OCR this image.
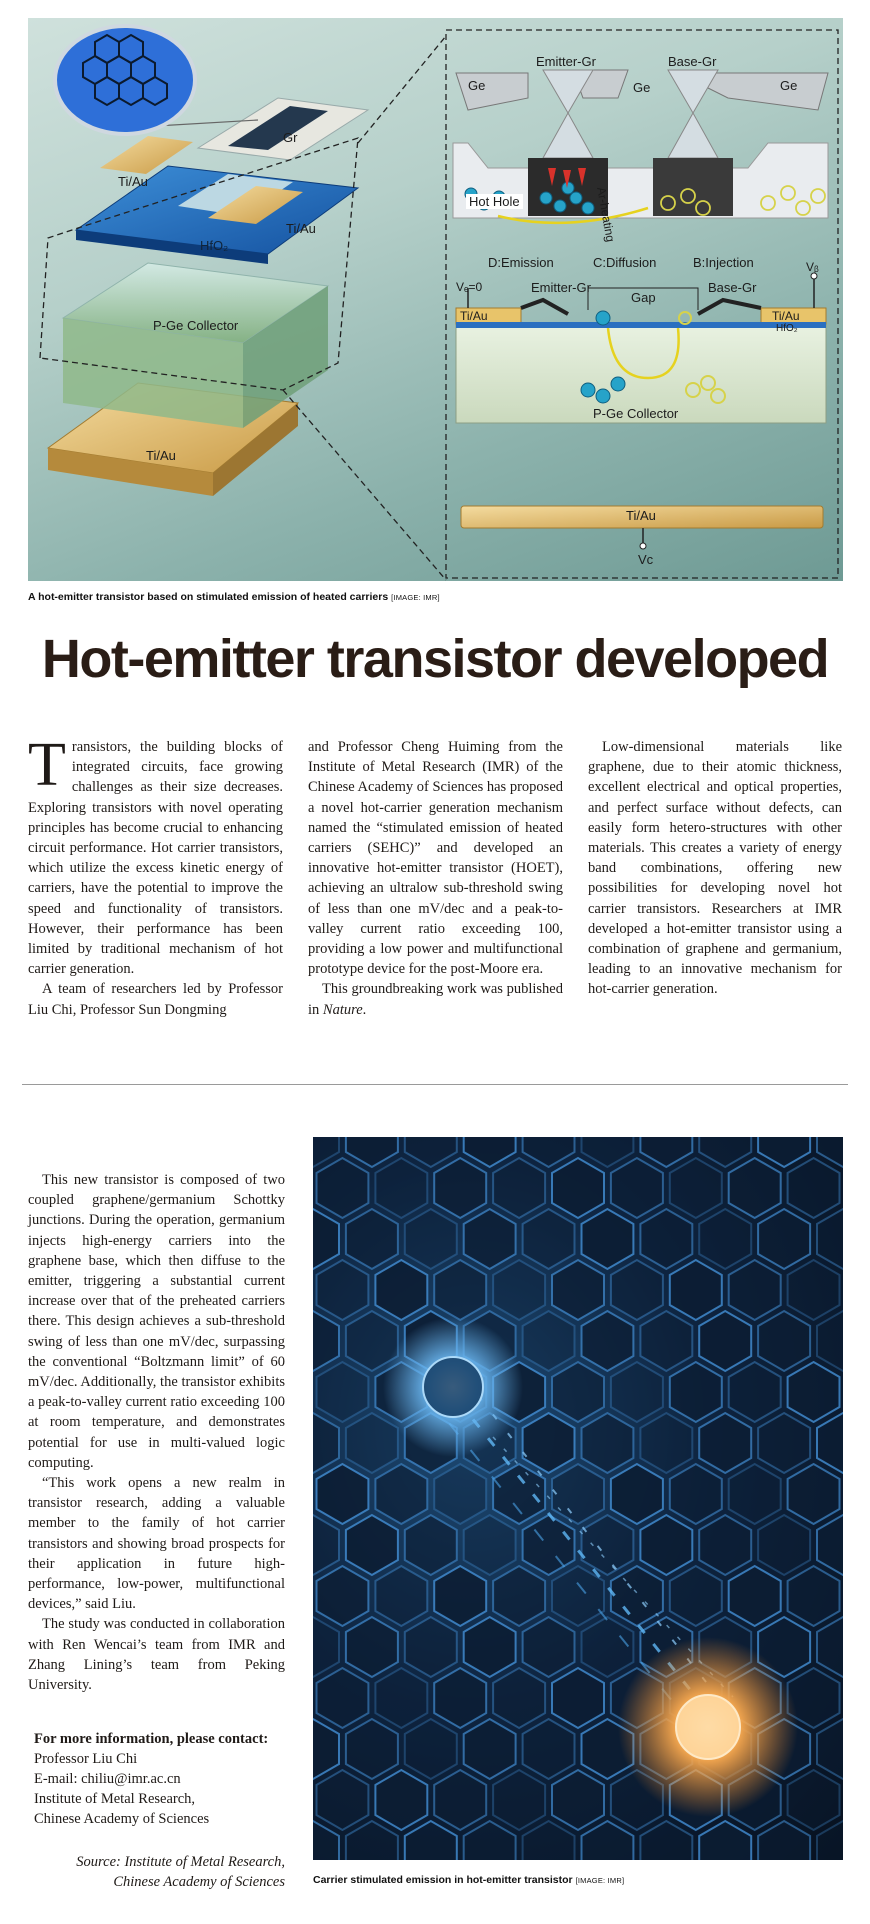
Gr
Ti/Au
Ti/Au
HfO₂
P-Ge Collector
Ti/Au
Emitter-Gr	Base-Gr
Ge	Ge	Ge
Ar-heating
Hot Hole
D:Emission	C:Diffusion	B:Injection
Vₑ=0
Vᵦ
Emitter-Gr
Gap
Base-Gr
Ti/Au	Ti/Au
HfO₂
P-Ge Collector
Ti/Au
Vc
A hot-emitter transistor based on stimulated emission of heated carriers [IMAGE: IMR]
Hot-emitter transistor developed

Transistors, the building blocks of integrated circuits, face growing challenges as their size decreases. Exploring transistors with novel operating principles has become crucial to enhancing circuit performance. Hot carrier transistors, which utilize the excess kinetic energy of carriers, have the potential to improve the speed and functionality of transistors. However, their performance has been limited by traditional mechanism of hot carrier generation.

A team of researchers led by Professor Liu Chi, Professor Sun Dongming

and Professor Cheng Huiming from the Institute of Metal Research (IMR) of the Chinese Academy of Sciences has proposed a novel hot-carrier generation mechanism named the “stimulated emission of heated carriers (SEHC)” and developed an innovative hot-emitter transistor (HOET), achieving an ultralow sub-threshold swing of less than one mV/dec and a peak-to-valley current ratio exceeding 100, providing a low power and multifunctional prototype device for the post-Moore era.

This groundbreaking work was published in Nature.

Low-dimensional materials like graphene, due to their atomic thickness, excellent electrical and optical properties, and perfect surface without defects, can easily form hetero-structures with other materials. This creates a variety of energy band combinations, offering new possibilities for developing novel hot carrier transistors. Researchers at IMR developed a hot-emitter transistor using a combination of graphene and germanium, leading to an innovative mechanism for hot-carrier generation.

This new transistor is composed of two coupled graphene/germanium Schottky junctions. During the operation, germanium injects high-energy carriers into the graphene base, which then diffuse to the emitter, triggering a substantial current increase over that of the preheated carriers there. This design achieves a sub-threshold swing of less than one mV/dec, surpassing the conventional “Boltzmann limit” of 60 mV/dec. Additionally, the transistor exhibits a peak-to-valley current ratio exceeding 100 at room temperature, and demonstrates potential for use in multi-valued logic computing.

“This work opens a new realm in transistor research, adding a valuable member to the family of hot carrier transistors and showing broad prospects for their application in future high-performance, low-power, multifunctional devices,” said Liu.

The study was conducted in collaboration with Ren Wencai’s team from IMR and Zhang Lining’s team from Peking University.

For more information, please contact:
Professor Liu Chi
E-mail: chiliu@imr.ac.cn
Institute of Metal Research,
Chinese Academy of Sciences
Source: Institute of Metal Research,
Chinese Academy of Sciences	Carrier stimulated emission in hot-emitter transistor [IMAGE: IMR]
